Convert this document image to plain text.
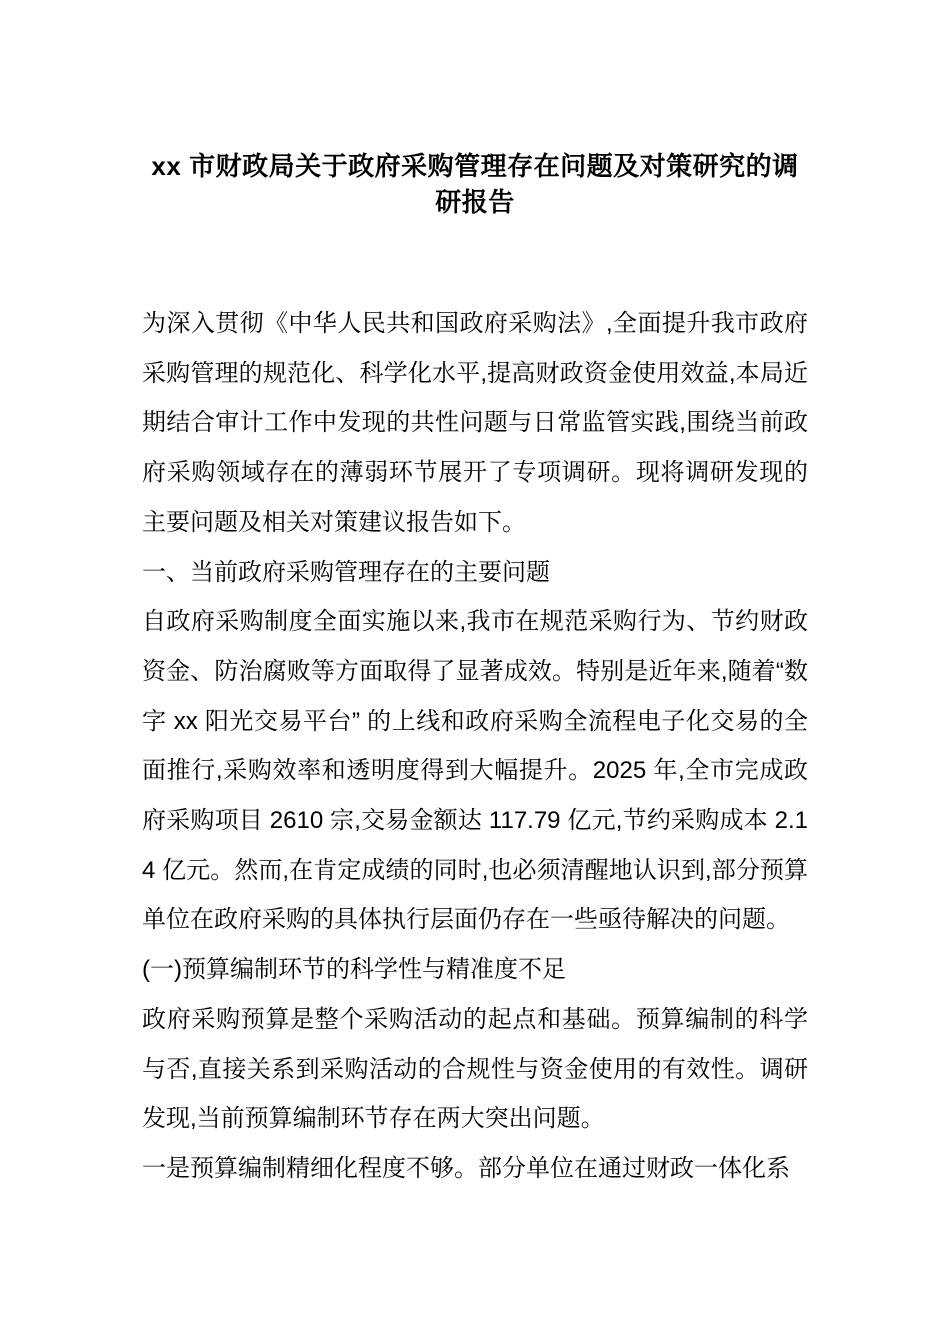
xx 市财政局关于政府采购管理存在问题及对策研究的调研报告

为深入贯彻《中华人民共和国政府采购法》,全面提升我市政府采购管理的规范化、科学化水平,提高财政资金使用效益,本局近期结合审计工作中发现的共性问题与日常监管实践,围绕当前政府采购领域存在的薄弱环节展开了专项调研。现将调研发现的主要问题及相关对策建议报告如下。

一、当前政府采购管理存在的主要问题

自政府采购制度全面实施以来,我市在规范采购行为、节约财政资金、防治腐败等方面取得了显著成效。特别是近年来,随着“数字 xx 阳光交易平台” 的上线和政府采购全流程电子化交易的全面推行,采购效率和透明度得到大幅提升。2025 年,全市完成政府采购项目 2610 宗,交易金额达 117.79 亿元,节约采购成本 2.14 亿元。然而,在肯定成绩的同时,也必须清醒地认识到,部分预算单位在政府采购的具体执行层面仍存在一些亟待解决的问题。

(一)预算编制环节的科学性与精准度不足

政府采购预算是整个采购活动的起点和基础。预算编制的科学与否,直接关系到采购活动的合规性与资金使用的有效性。调研发现,当前预算编制环节存在两大突出问题。

一是预算编制精细化程度不够。部分单位在通过财政一体化系
